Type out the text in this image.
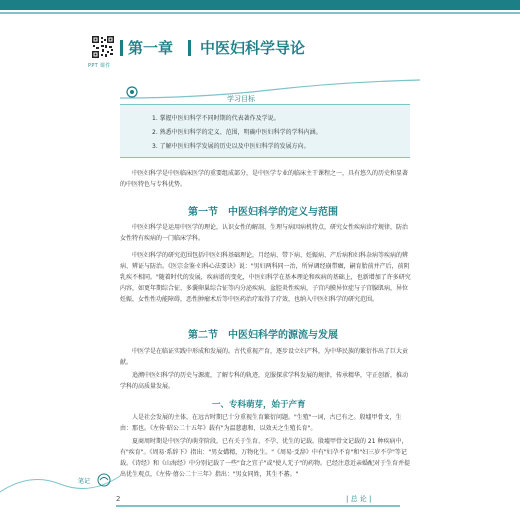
PPT 课件
第一章 中医妇科学导论
学习目标
1. 掌握中医妇科学不同时期的代表著作及学说。
2. 熟悉中医妇科学的定义、范围，明确中医妇科学的学科内涵。
3. 了解中医妇科学发展的历史以及中医妇科学的发展方向。
中医妇科学是中医临床医学的重要组成部分，是中医学专业的临床主干课程之一，具有悠久的历史和显著的中医特色与专科优势。
第一节　中医妇科学的定义与范围
中医妇科学是运用中医学的理论，认识女性的解剖、生理与病因病机特点，研究女性疾病诊疗规律，防治女性特有疾病的一门临床学科。
中医妇科学的研究范围包括中医妇科基础理论，月经病、带下病、妊娠病、产后病和妇科杂病等疾病的辨病、辨证与防治。《医宗金鉴·妇科心法要诀》说："男妇两科同一治，所异调经崩带癥，嗣育胎前并产后，前阴乳疾不相同。"随着时代的发展，疾病谱的变化，中医妇科学在基本理论和疾病的基础上，也新增加了许多研究内容，如更年期综合征、多囊卵巢综合征等内分泌疾病，盆腔炎性疾病，子宫内膜异位症与子宫腺肌病，异位妊娠，女性性功能障碍，恶性肿瘤术后等中医药治疗取得了疗效，也纳入中医妇科学的研究范围。
第二节　中医妇科学的源流与发展
中医学是在临证实践中形成和发展的。古代重视产育，逐步设立妇产科，为中华民族的繁衍作出了巨大贡献。
追溯中医妇科学的历史与源流，了解专科的轨迹，克服探求学科发展的规律，传承精华，守正创新，推动学科的高质量发展。
一、专科萌芽，始于产育
人是社会发展的主体，在远古时期已十分重视生育繁衍问题。"生殖"一词，古已有之。殷墟甲骨文，生由：那也。《左传·昭公二十五年》载有"为温慈惠和，以效天之生殖长育"。
夏商周时期是中医学的萌芽阶段，已有关于生育、不孕、优生的记载。殷墟甲骨文记载的 21 种疾病中，有"疾育"。《周易·系辞下》指出："男女媾精，万物化生。"《周易·爻辞》中有"妇孕不育"和"妇三岁不孕"等记载。《诗经》和《山海经》中分别记载了一些"食之宜子"或"使人无子"的药物。已经注意近亲婚配对于生育并提出优生观点，《左传·僖公二十三年》指出："男女同姓，其生不蕃。"
笔记
2	| 总 论 |
